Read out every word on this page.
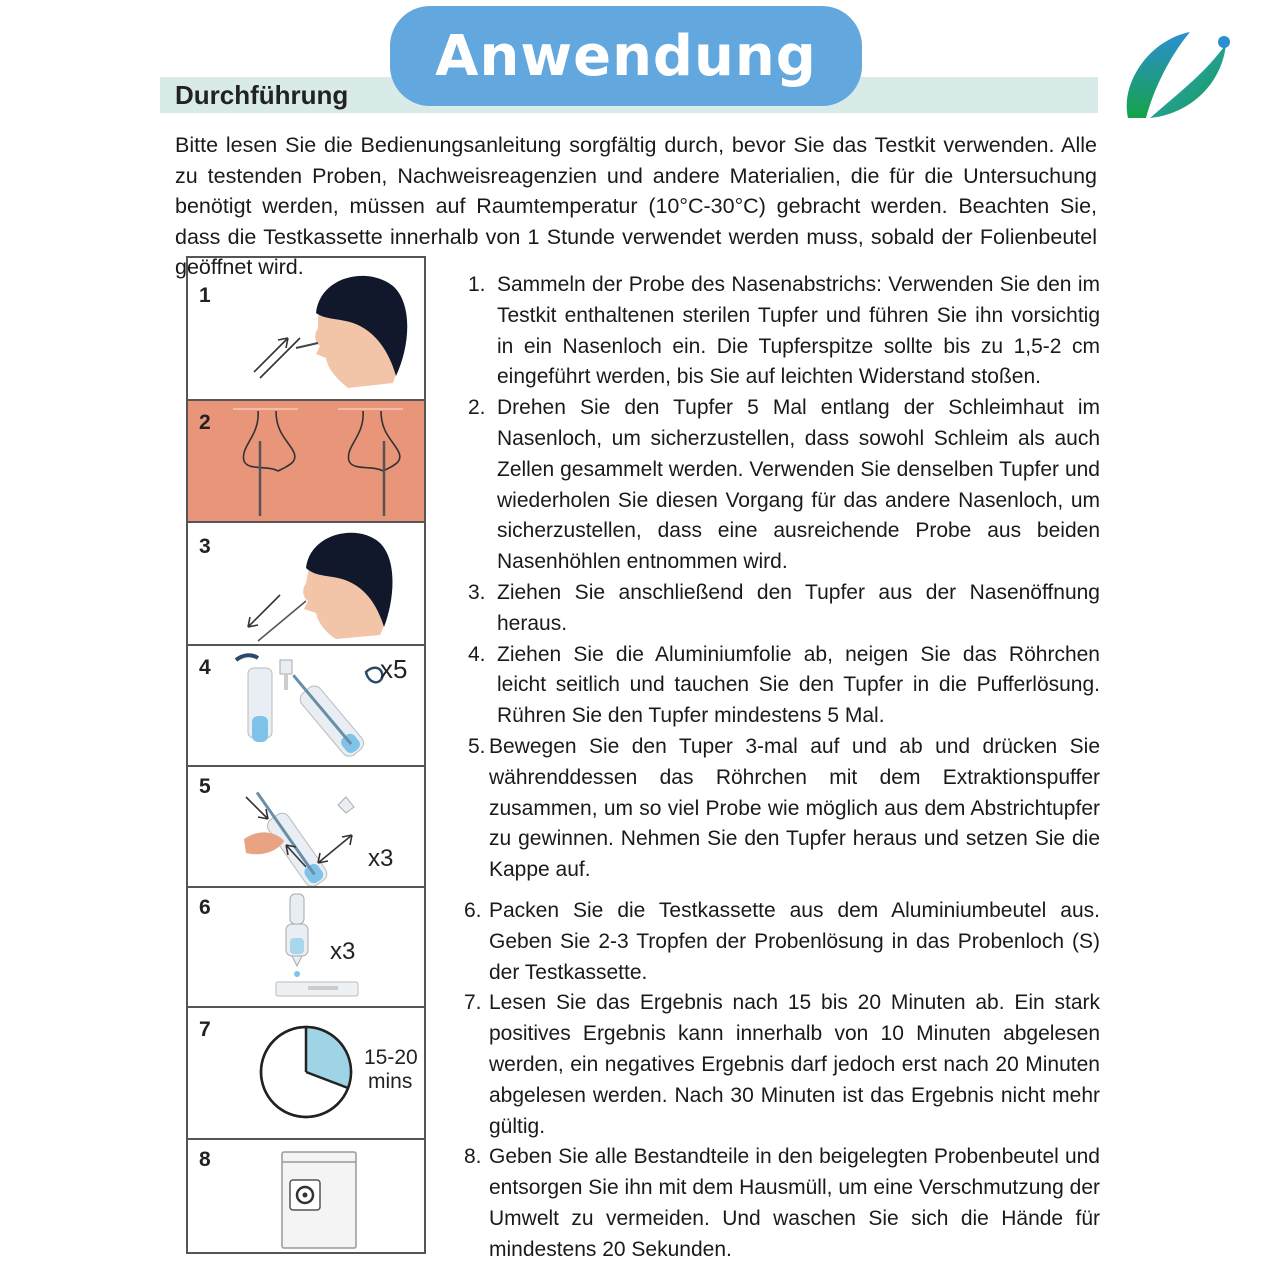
Anwendung
Durchführung
Bitte lesen Sie die Bedienungsanleitung sorgfältig durch, bevor Sie das Testkit verwenden. Alle zu testenden Proben, Nachweisreagenzien und andere Materialien, die für die Untersuchung benötigt werden, müssen auf Raumtemperatur (10°C-30°C) gebracht werden. Beachten Sie, dass die Testkassette innerhalb von 1 Stunde verwendet werden muss, sobald der Folienbeutel geöffnet wird.
1
2
3
4	x5
5
x3
6
x3
7
15-20
mins
8
1. Sammeln der Probe des Nasenabstrichs: Verwenden Sie den im Testkit enthaltenen sterilen Tupfer und führen Sie ihn vorsichtig in ein Nasenloch ein. Die Tupferspitze sollte bis zu 1,5-2 cm eingeführt werden, bis Sie auf leichten Widerstand stoßen.
2. Drehen Sie den Tupfer 5 Mal entlang der Schleimhaut im Nasenloch, um sicherzustellen, dass sowohl Schleim als auch Zellen gesammelt werden. Verwenden Sie denselben Tupfer und wiederholen Sie diesen Vorgang für das andere Nasenloch, um sicherzustellen, dass eine ausreichende Probe aus beiden Nasenhöhlen entnommen wird.
3. Ziehen Sie anschließend den Tupfer aus der Nasenöffnung heraus.
4. Ziehen Sie die Aluminiumfolie ab, neigen Sie das Röhrchen leicht seitlich und tauchen Sie den Tupfer in die Pufferlösung. Rühren Sie den Tupfer mindestens 5 Mal.
5. Bewegen Sie den Tuper 3-mal auf und ab und drücken Sie währenddessen das Röhrchen mit dem Extraktionspuffer zusammen, um so viel Probe wie möglich aus dem Abstrichtupfer zu gewinnen. Nehmen Sie den Tupfer heraus und setzen Sie die Kappe auf.
6. Packen Sie die Testkassette aus dem Aluminiumbeutel aus. Geben Sie 2-3 Tropfen der Probenlösung in das Probenloch (S) der Testkassette.
7. Lesen Sie das Ergebnis nach 15 bis 20 Minuten ab. Ein stark positives Ergebnis kann innerhalb von 10 Minuten abgelesen werden, ein negatives Ergebnis darf jedoch erst nach 20 Minuten abgelesen werden. Nach 30 Minuten ist das Ergebnis nicht mehr gültig.
8. Geben Sie alle Bestandteile in den beigelegten Probenbeutel und entsorgen Sie ihn mit dem Hausmüll, um eine Verschmutzung der Umwelt zu vermeiden. Und waschen Sie sich die Hände für mindestens 20 Sekunden.
